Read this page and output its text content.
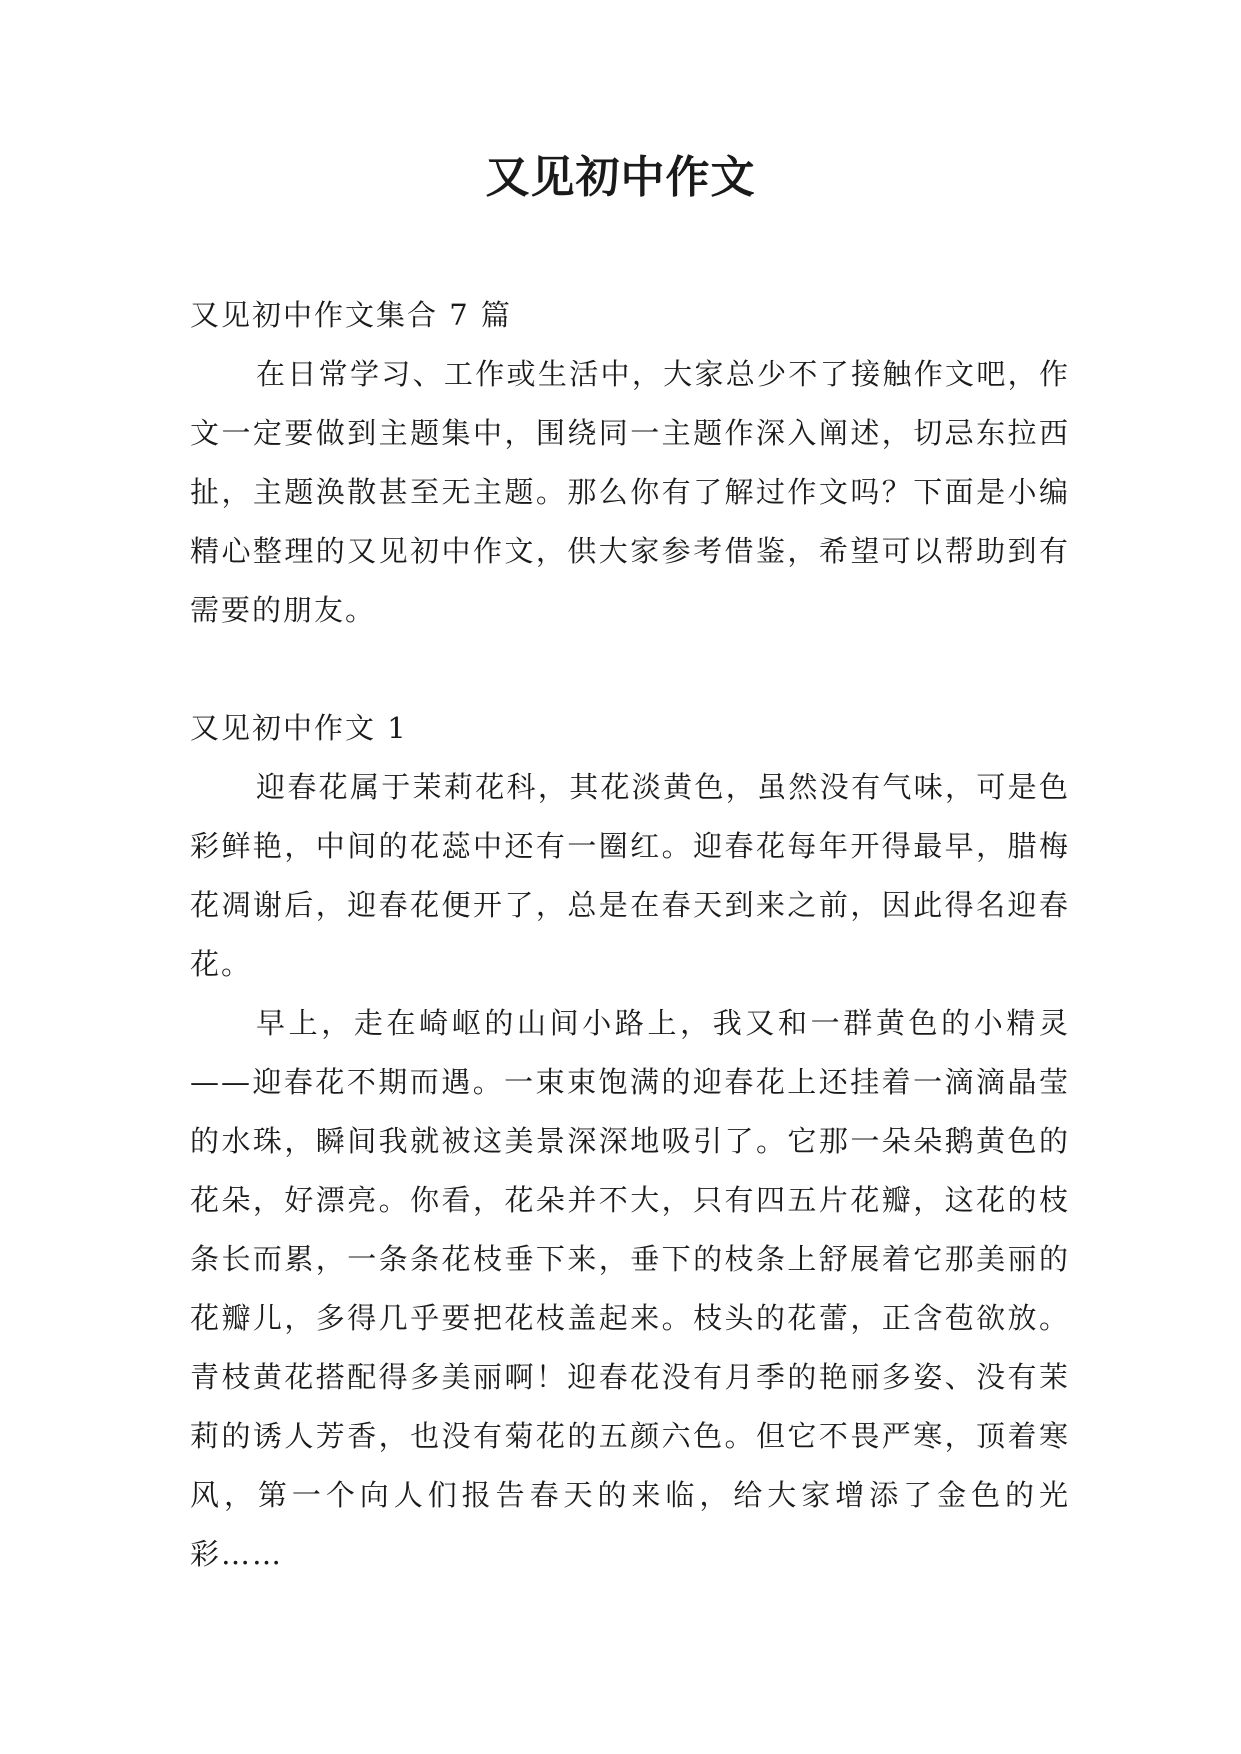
又见初中作文

又见初中作文集合 7 篇

在日常学习、工作或生活中，大家总少不了接触作文吧，作文一定要做到主题集中，围绕同一主题作深入阐述，切忌东拉西扯，主题涣散甚至无主题。那么你有了解过作文吗？下面是小编精心整理的又见初中作文，供大家参考借鉴，希望可以帮助到有需要的朋友。

又见初中作文 1

迎春花属于茉莉花科，其花淡黄色，虽然没有气味，可是色彩鲜艳，中间的花蕊中还有一圈红。迎春花每年开得最早，腊梅花凋谢后，迎春花便开了，总是在春天到来之前，因此得名迎春花。

早上，走在崎岖的山间小路上，我又和一群黄色的小精灵——迎春花不期而遇。一束束饱满的迎春花上还挂着一滴滴晶莹的水珠，瞬间我就被这美景深深地吸引了。它那一朵朵鹅黄色的花朵，好漂亮。你看，花朵并不大，只有四五片花瓣，这花的枝条长而累，一条条花枝垂下来，垂下的枝条上舒展着它那美丽的花瓣儿，多得几乎要把花枝盖起来。枝头的花蕾，正含苞欲放。青枝黄花搭配得多美丽啊！迎春花没有月季的艳丽多姿、没有茉莉的诱人芳香，也没有菊花的五颜六色。但它不畏严寒，顶着寒风，第一个向人们报告春天的来临，给大家增添了金色的光彩……
